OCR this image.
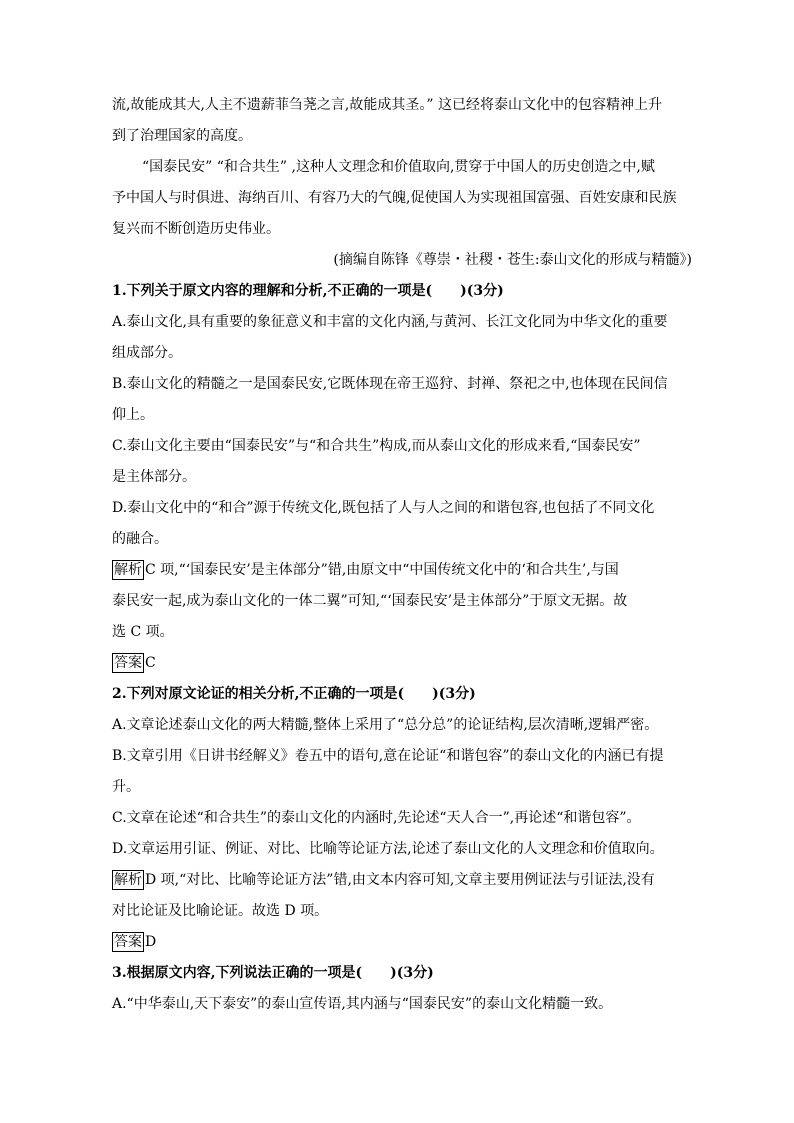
流,故能成其大,人主不遗薪菲刍荛之言,故能成其圣。” 这已经将泰山文化中的包容精神上升
到了治理国家的高度。
“国泰民安” “和合共生” ,这种人文理念和价值取向,贯穿于中国人的历史创造之中,赋
予中国人与时俱进、海纳百川、有容乃大的气魄,促使国人为实现祖国富强、百姓安康和民族
复兴而不断创造历史伟业。
(摘编自陈锋《尊崇・社稷・苍生:泰山文化的形成与精髓》)
1.下列关于原文内容的理解和分析,不正确的一项是(　　)(3分)
A.泰山文化,具有重要的象征意义和丰富的文化内涵,与黄河、长江文化同为中华文化的重要
组成部分。
B.泰山文化的精髓之一是国泰民安,它既体现在帝王巡狩、封禅、祭祀之中,也体现在民间信
仰上。
C.泰山文化主要由“国泰民安”与“和合共生”构成,而从泰山文化的形成来看,“国泰民安”
是主体部分。
D.泰山文化中的“和合”源于传统文化,既包括了人与人之间的和谐包容,也包括了不同文化
的融合。
解析 C 项,“‘国泰民安’是主体部分”错,由原文中“中国传统文化中的‘和合共生’,与国
泰民安一起,成为泰山文化的一体二翼”可知,“‘国泰民安’是主体部分”于原文无据。故
选 C 项。
答案 C
2.下列对原文论证的相关分析,不正确的一项是(　　)(3分)
A.文章论述泰山文化的两大精髓,整体上采用了“总分总”的论证结构,层次清晰,逻辑严密。
B.文章引用《日讲书经解义》卷五中的语句,意在论证“和谐包容”的泰山文化的内涵已有提
升。
C.文章在论述“和合共生”的泰山文化的内涵时,先论述“天人合一”,再论述“和谐包容”。
D.文章运用引证、例证、对比、比喻等论证方法,论述了泰山文化的人文理念和价值取向。
解析 D 项,“对比、比喻等论证方法”错,由文本内容可知,文章主要用例证法与引证法,没有
对比论证及比喻论证。故选 D 项。
答案 D
3.根据原文内容,下列说法正确的一项是(　　)(3分)
A.“中华泰山,天下泰安”的泰山宣传语,其内涵与“国泰民安”的泰山文化精髓一致。
